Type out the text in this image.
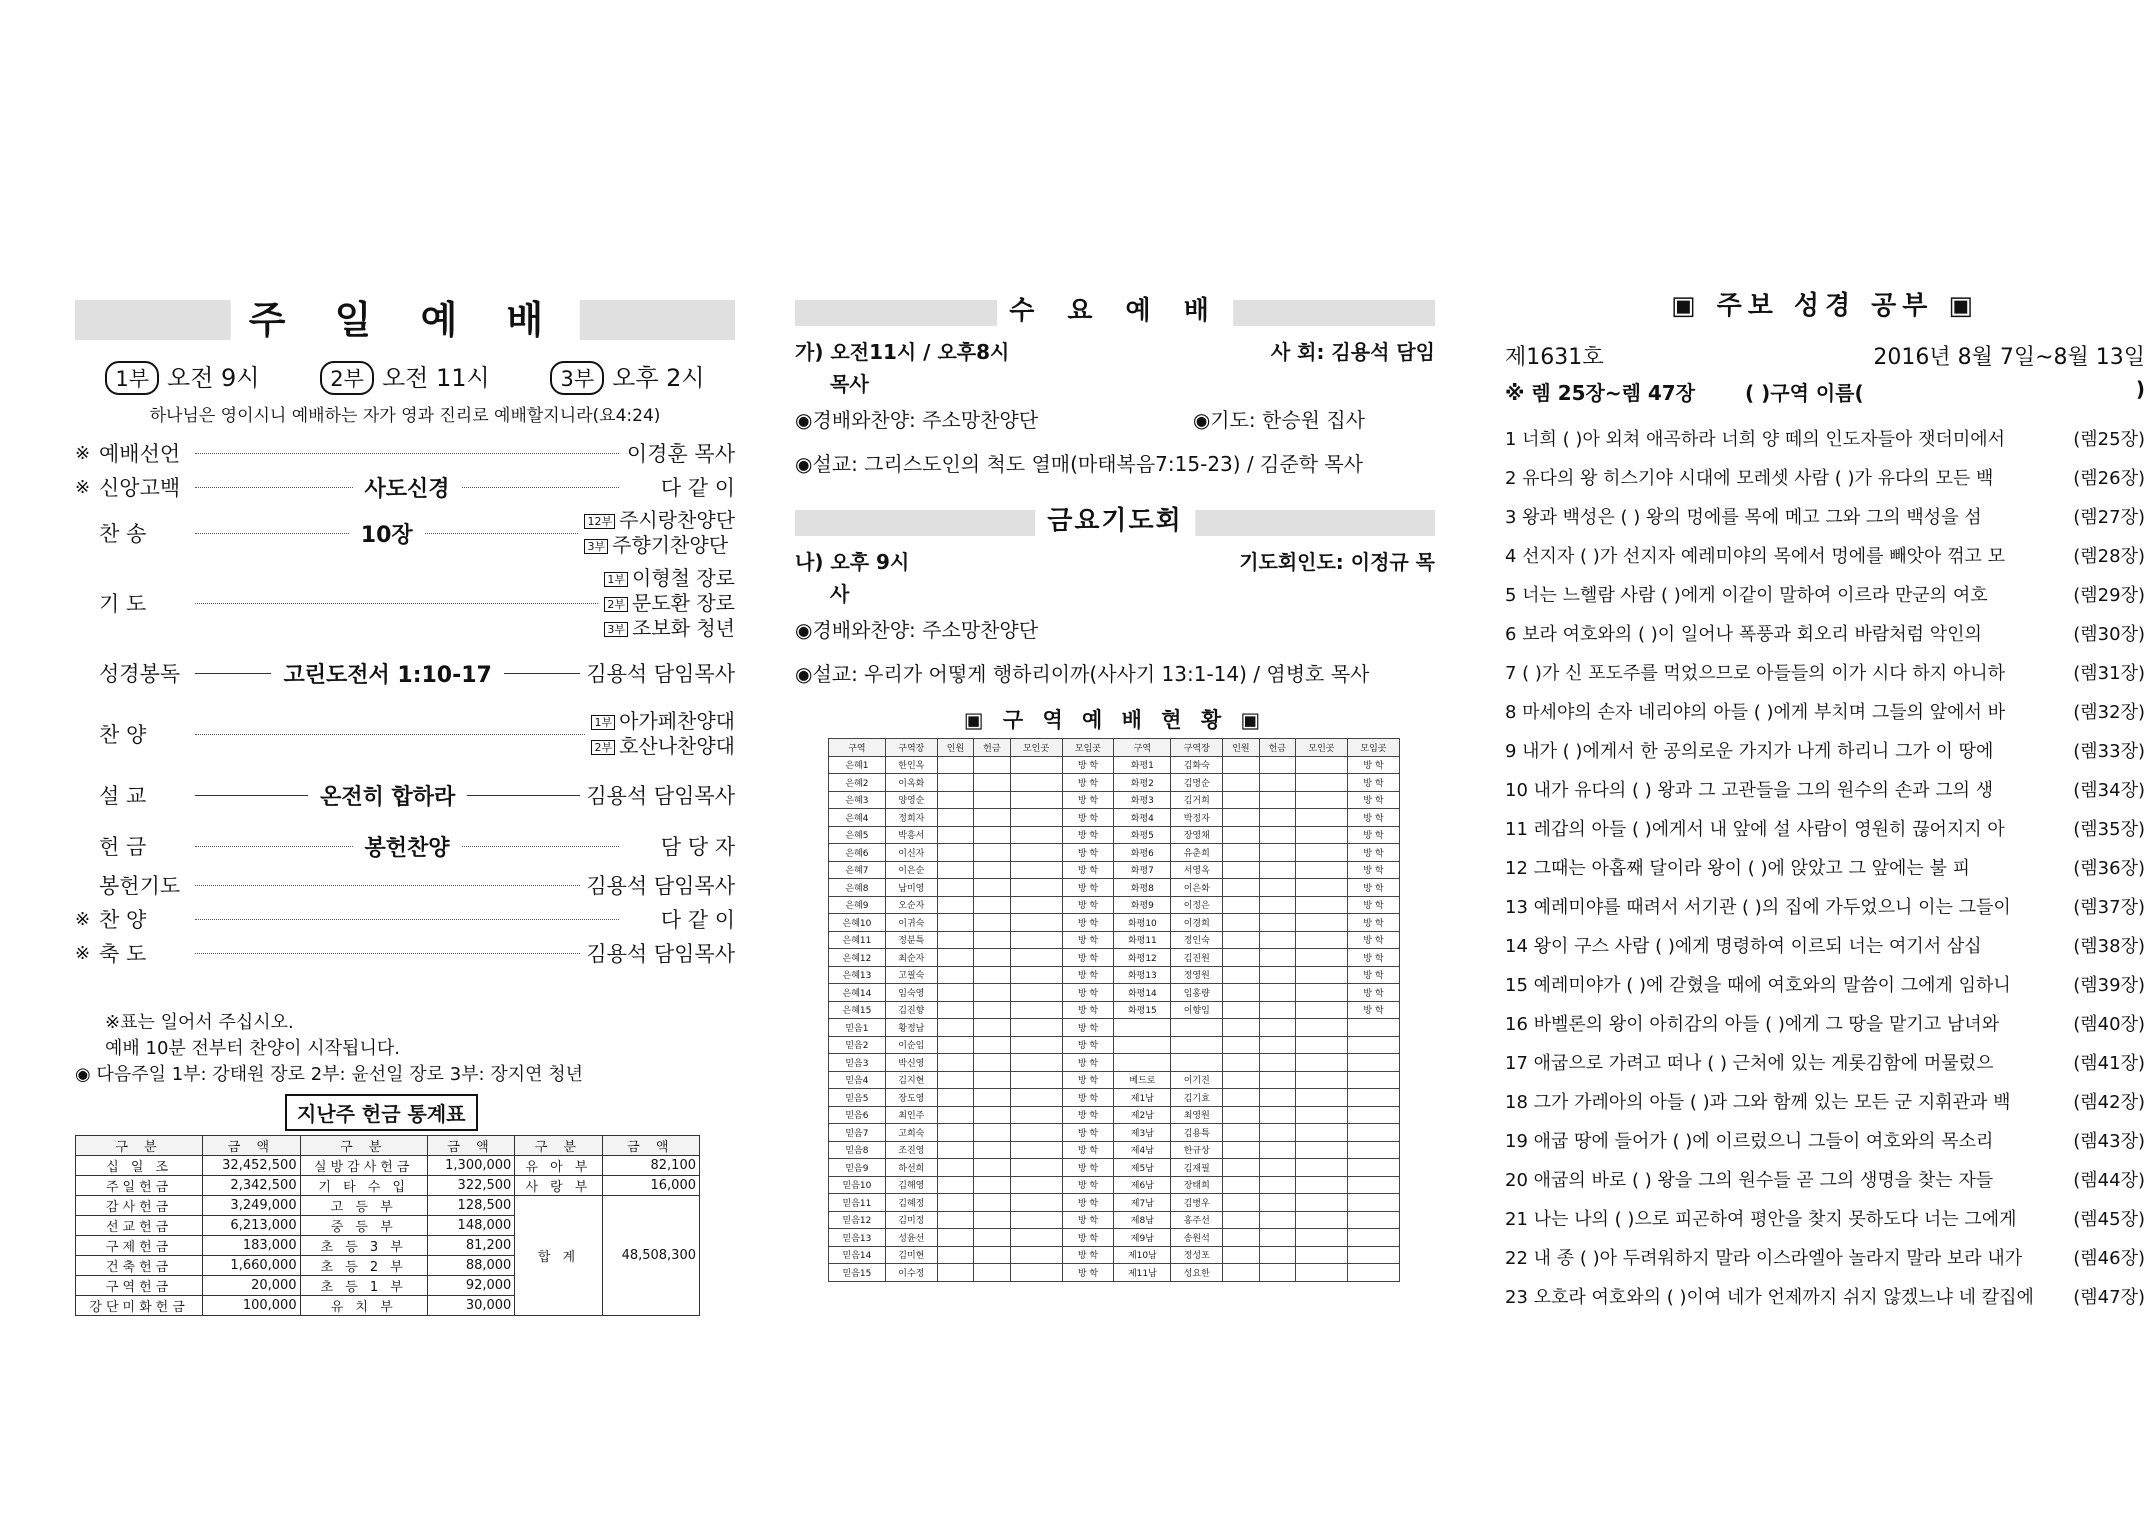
주 일 예 배
1부 오전 9시	2부 오전 11시	3부 오후 2시
하나님은 영이시니 예배하는 자가 영과 진리로 예배할지니라(요4:24)
※ 예배선언	이경훈 목사
※ 신앙고백	사도신경	다 같 이
찬 송	10장
12부 주시랑찬양단
3부 주향기찬양단
기 도
1부 이형철 장로
2부 문도환 장로
3부 조보화 청년
성경봉독	고린도전서 1:10-17	김용석 담임목사
찬 양
1부 아가페찬양대
2부 호산나찬양대
설 교	온전히 합하라	김용석 담임목사
헌 금	봉헌찬양	담 당 자
봉헌기도	김용석 담임목사
※ 찬 양	다 같 이
※ 축 도	김용석 담임목사
※표는 일어서 주십시오.
예배 10분 전부터 찬양이 시작됩니다.
◉ 다음주일 1부: 강태원 장로 2부: 윤선일 장로 3부: 장지연 청년
지난주 헌금 통계표
구 분	금 액	구 분	금 액	구 분	금 액
십 일 조	32,452,500	실방감사헌금	1,300,000	유 아 부	82,100
주일헌금	2,342,500	기 타 수 입	322,500	사 랑 부	16,000
감사헌금	3,249,000	고 등 부	128,500	합 계	48,508,300
선교헌금	6,213,000	중 등 부	148,000		
구제헌금	183,000	초 등 3 부	81,200		
건축헌금	1,660,000	초 등 2 부	88,000		
구역헌금	20,000	초 등 1 부	92,000		
강단미화헌금	100,000	유 치 부	30,000		
수 요 예 배
가) 오전11시 / 오후8시	사 회: 김용석 담임
목사
◉경배와찬양: 주소망찬양단	◉기도: 한승원 집사
◉설교: 그리스도인의 척도 열매(마태복음7:15-23) / 김준학 목사
금요기도회
나) 오후 9시	기도회인도: 이정규 목
사
◉경배와찬양: 주소망찬양단
◉설교: 우리가 어떻게 행하리이까(사사기 13:1-14) / 염병호 목사
▣ 구 역 예 배 현 황 ▣
구역	구역장	인원	헌금	모인곳	모임곳	구역	구역장	인원	헌금	모인곳	모임곳
은혜1	한인옥				방 학	화평1	김화숙				방 학
은혜2	이옥화				방 학	화평2	김명순				방 학
은혜3	양영순				방 학	화평3	김거희				방 학
은혜4	정희자				방 학	화평4	박정자				방 학
은혜5	박흥서				방 학	화평5	장영채				방 학
은혜6	이신자				방 학	화평6	유춘희				방 학
은혜7	이은순				방 학	화평7	서영옥				방 학
은혜8	남미영				방 학	화평8	이은화				방 학
은혜9	오순자				방 학	화평9	이정은				방 학
은혜10	이귀숙				방 학	화평10	이경희				방 학
은혜11	정분특				방 학	화평11	정인숙				방 학
은혜12	최순자				방 학	화평12	김진원				방 학
은혜13	고필숙				방 학	화평13	정영원				방 학
은혜14	임숙영				방 학	화평14	임홍량				방 학
은혜15	김진향				방 학	화평15	이향임				방 학
믿음1	황정남				방 학						
믿음2	이순임				방 학						
믿음3	박신영				방 학						
믿음4	김지현				방 학	베드로	이기진				
믿음5	장도영				방 학	제1남	김기효				
믿음6	최인주				방 학	제2남	최영원				
믿음7	고희숙				방 학	제3남	김용특				
믿음8	조진영				방 학	제4남	한규상				
믿음9	하선희				방 학	제5남	김재필				
믿음10	김해영				방 학	제6남	장태희				
믿음11	김혜정				방 학	제7남	김병우				
믿음12	김미정				방 학	제8남	홍주선				
믿음13	성윤선				방 학	제9남	송원석				
믿음14	김미현				방 학	제10남	정성포				
믿음15	이수정				방 학	제11남	성요한				
▣ 주보 성경 공부 ▣
제1631호	2016년 8월 7일~8월 13일
※ 렘 25장~렘 47장	( )구역 이름(	)
1 너희 ( )아 외쳐 애곡하라 너희 양 떼의 인도자들아 잿더미에서	(렘25장)
2 유다의 왕 히스기야 시대에 모레셋 사람 ( )가 유다의 모든 백	(렘26장)
3 왕과 백성은 ( ) 왕의 멍에를 목에 메고 그와 그의 백성을 섬	(렘27장)
4 선지자 ( )가 선지자 예레미야의 목에서 멍에를 빼앗아 꺾고 모	(렘28장)
5 너는 느헬람 사람 ( )에게 이같이 말하여 이르라 만군의 여호	(렘29장)
6 보라 여호와의 ( )이 일어나 폭풍과 회오리 바람처럼 악인의	(렘30장)
7 ( )가 신 포도주를 먹었으므로 아들들의 이가 시다 하지 아니하	(렘31장)
8 마세야의 손자 네리야의 아들 ( )에게 부치며 그들의 앞에서 바	(렘32장)
9 내가 ( )에게서 한 공의로운 가지가 나게 하리니 그가 이 땅에	(렘33장)
10 내가 유다의 ( ) 왕과 그 고관들을 그의 원수의 손과 그의 생	(렘34장)
11 레갑의 아들 ( )에게서 내 앞에 설 사람이 영원히 끊어지지 아	(렘35장)
12 그때는 아홉째 달이라 왕이 ( )에 앉았고 그 앞에는 불 피	(렘36장)
13 예레미야를 때려서 서기관 ( )의 집에 가두었으니 이는 그들이	(렘37장)
14 왕이 구스 사람 ( )에게 명령하여 이르되 너는 여기서 삼십	(렘38장)
15 예레미야가 ( )에 갇혔을 때에 여호와의 말씀이 그에게 임하니	(렘39장)
16 바벨론의 왕이 아히감의 아들 ( )에게 그 땅을 맡기고 남녀와	(렘40장)
17 애굽으로 가려고 떠나 ( ) 근처에 있는 게롯김함에 머물렀으	(렘41장)
18 그가 가레아의 아들 ( )과 그와 함께 있는 모든 군 지휘관과 백	(렘42장)
19 애굽 땅에 들어가 ( )에 이르렀으니 그들이 여호와의 목소리	(렘43장)
20 애굽의 바로 ( ) 왕을 그의 원수들 곧 그의 생명을 찾는 자들	(렘44장)
21 나는 나의 ( )으로 피곤하여 평안을 찾지 못하도다 너는 그에게	(렘45장)
22 내 종 ( )아 두려워하지 말라 이스라엘아 놀라지 말라 보라 내가	(렘46장)
23 오호라 여호와의 ( )이여 네가 언제까지 쉬지 않겠느냐 네 칼집에	(렘47장)
